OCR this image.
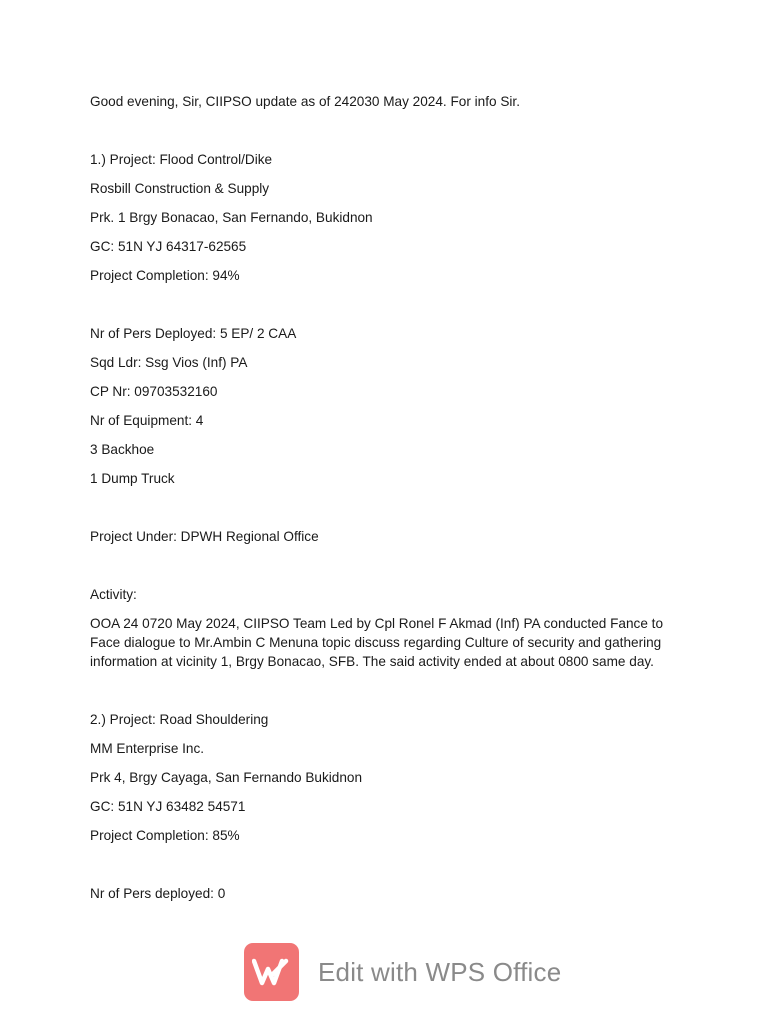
Good evening, Sir, CIIPSO update as of 242030 May 2024. For info Sir.

1.) Project: Flood Control/Dike

Rosbill Construction & Supply

Prk. 1 Brgy Bonacao, San Fernando, Bukidnon

GC: 51N YJ 64317-62565

Project Completion: 94%

Nr of Pers Deployed: 5 EP/ 2 CAA

Sqd Ldr: Ssg Vios (Inf) PA

CP Nr: 09703532160

Nr of Equipment: 4

3 Backhoe

1 Dump Truck

Project Under: DPWH Regional Office

Activity:

OOA 24 0720 May 2024, CIIPSO Team Led by Cpl Ronel F Akmad (Inf) PA conducted Fance to Face dialogue to Mr.Ambin C Menuna topic discuss regarding Culture of security and gathering information at vicinity 1, Brgy Bonacao, SFB. The said activity ended at about 0800 same day.

2.) Project: Road Shouldering

MM Enterprise Inc.

Prk 4, Brgy Cayaga, San Fernando Bukidnon

GC: 51N YJ 63482 54571

Project Completion: 85%

Nr of Pers deployed: 0

Edit with WPS Office
